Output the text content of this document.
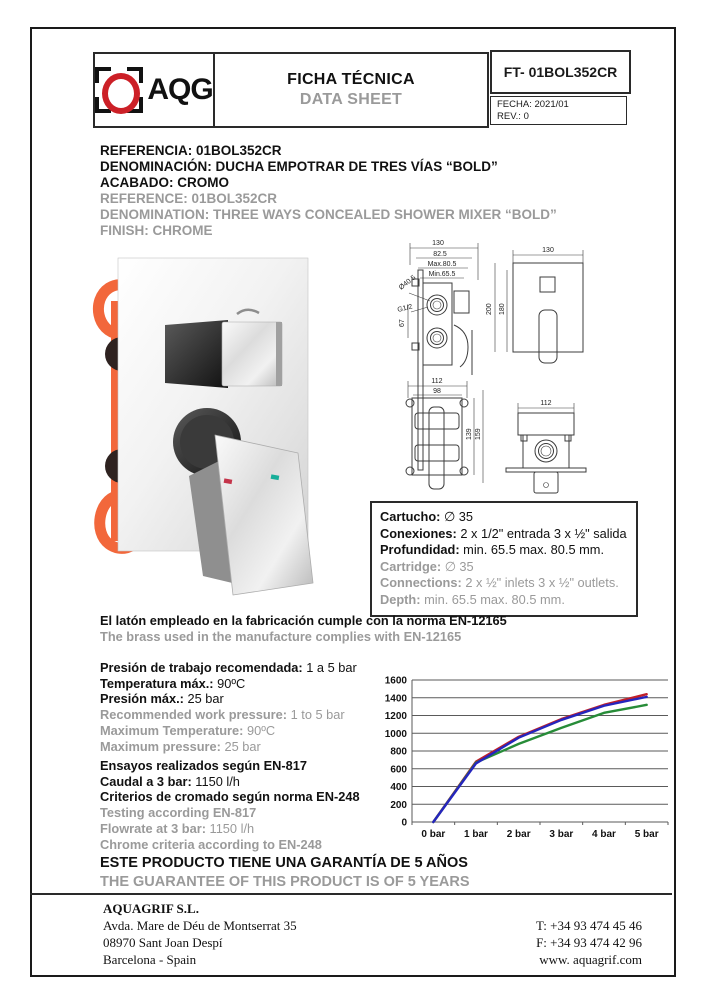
AQG	FICHA TÉCNICA
DATA SHEET
FT- 01BOL352CR
FECHA: 2021/01
REV.: 0
REFERENCIA: 01BOL352CR
DENOMINACIÓN: DUCHA EMPOTRAR DE TRES VÍAS “BOLD”
ACABADO: CROMO
REFERENCE: 01BOL352CR
DENOMINATION: THREE WAYS CONCEALED SHOWER MIXER “BOLD”
FINISH: CHROME
130
82.5
Max.80.5
Min.65.5
Ø40.5
G1/2
67
130
200 180
112
98
139 159
112
Cartucho: ∅ 35
Conexiones: 2 x 1/2" entrada 3 x ½" salida
Profundidad: min. 65.5 max. 80.5 mm.
Cartridge: ∅ 35
Connections: 2 x ½" inlets 3 x ½" outlets.
Depth: min. 65.5 max. 80.5 mm.
El latón empleado en la fabricación cumple con la norma EN-12165
The brass used in the manufacture complies with EN-12165
Presión de trabajo recomendada: 1 a 5 bar
Temperatura máx.: 90ºC
Presión máx.: 25 bar
Recommended work pressure: 1 to 5 bar
Maximum Temperature: 90ºC
Maximum pressure: 25 bar
Ensayos realizados según EN-817
Caudal a 3 bar: 1150 l/h
Criterios de cromado según norma EN-248
Testing according EN-817
Flowrate at 3 bar: 1150 l/h
Chrome criteria according to EN-248
0
200
400
600
800
1000
1200
1400
1600
0 bar 1 bar 2 bar 3 bar 4 bar 5 bar
ESTE PRODUCTO TIENE UNA GARANTÍA DE 5 AÑOS
THE GUARANTEE OF THIS PRODUCT IS OF 5 YEARS
AQUAGRIF S.L.
Avda. Mare de Déu de Montserrat 35
08970 Sant Joan Despí
Barcelona - Spain
T: +34 93 474 45 46
F: +34 93 474 42 96
www. aquagrif.com
